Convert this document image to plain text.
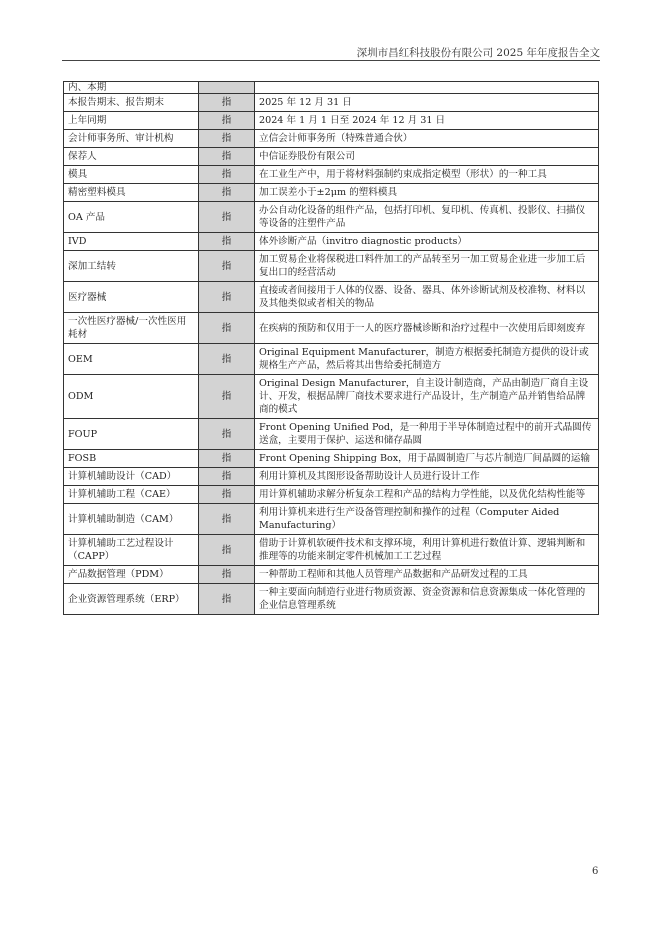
深圳市昌红科技股份有限公司 2025 年年度报告全文
内、本期		
本报告期末、报告期末	指	2025 年 12 月 31 日
上年同期	指	2024 年 1 月 1 日至 2024 年 12 月 31 日
会计师事务所、审计机构	指	立信会计师事务所（特殊普通合伙）
保荐人	指	中信证券股份有限公司
模具	指	在工业生产中，用于将材料强制约束成指定模型（形状）的一种工具
精密塑料模具	指	加工误差小于±2μm 的塑料模具
OA 产品	指	办公自动化设备的组件产品，包括打印机、复印机、传真机、投影仪、扫描仪等设备的注塑件产品
IVD	指	体外诊断产品（invitro diagnostic products）
深加工结转	指	加工贸易企业将保税进口料件加工的产品转至另一加工贸易企业进一步加工后复出口的经营活动
医疗器械	指	直接或者间接用于人体的仪器、设备、器具、体外诊断试剂及校准物、材料以及其他类似或者相关的物品
一次性医疗器械/一次性医用耗材	指	在疾病的预防和仅用于一人的医疗器械诊断和治疗过程中一次使用后即刻废弃
OEM	指	Original Equipment Manufacturer，制造方根据委托制造方提供的设计或规格生产产品，然后将其出售给委托制造方
ODM	指	Original Design Manufacturer，自主设计制造商，产品由制造厂商自主设计、开发，根据品牌厂商技术要求进行产品设计，生产制造产品并销售给品牌商的模式
FOUP	指	Front Opening Unified Pod，是一种用于半导体制造过程中的前开式晶圆传送盒，主要用于保护、运送和储存晶圆
FOSB	指	Front Opening Shipping Box，用于晶圆制造厂与芯片制造厂间晶圆的运输
计算机辅助设计（CAD）	指	利用计算机及其图形设备帮助设计人员进行设计工作
计算机辅助工程（CAE）	指	用计算机辅助求解分析复杂工程和产品的结构力学性能，以及优化结构性能等
计算机辅助制造（CAM）	指	利用计算机来进行生产设备管理控制和操作的过程（Computer Aided Manufacturing）
计算机辅助工艺过程设计（CAPP）	指	借助于计算机软硬件技术和支撑环境，利用计算机进行数值计算、逻辑判断和推理等的功能来制定零件机械加工工艺过程
产品数据管理（PDM）	指	一种帮助工程师和其他人员管理产品数据和产品研发过程的工具
企业资源管理系统（ERP）	指	一种主要面向制造行业进行物质资源、资金资源和信息资源集成一体化管理的企业信息管理系统
6
